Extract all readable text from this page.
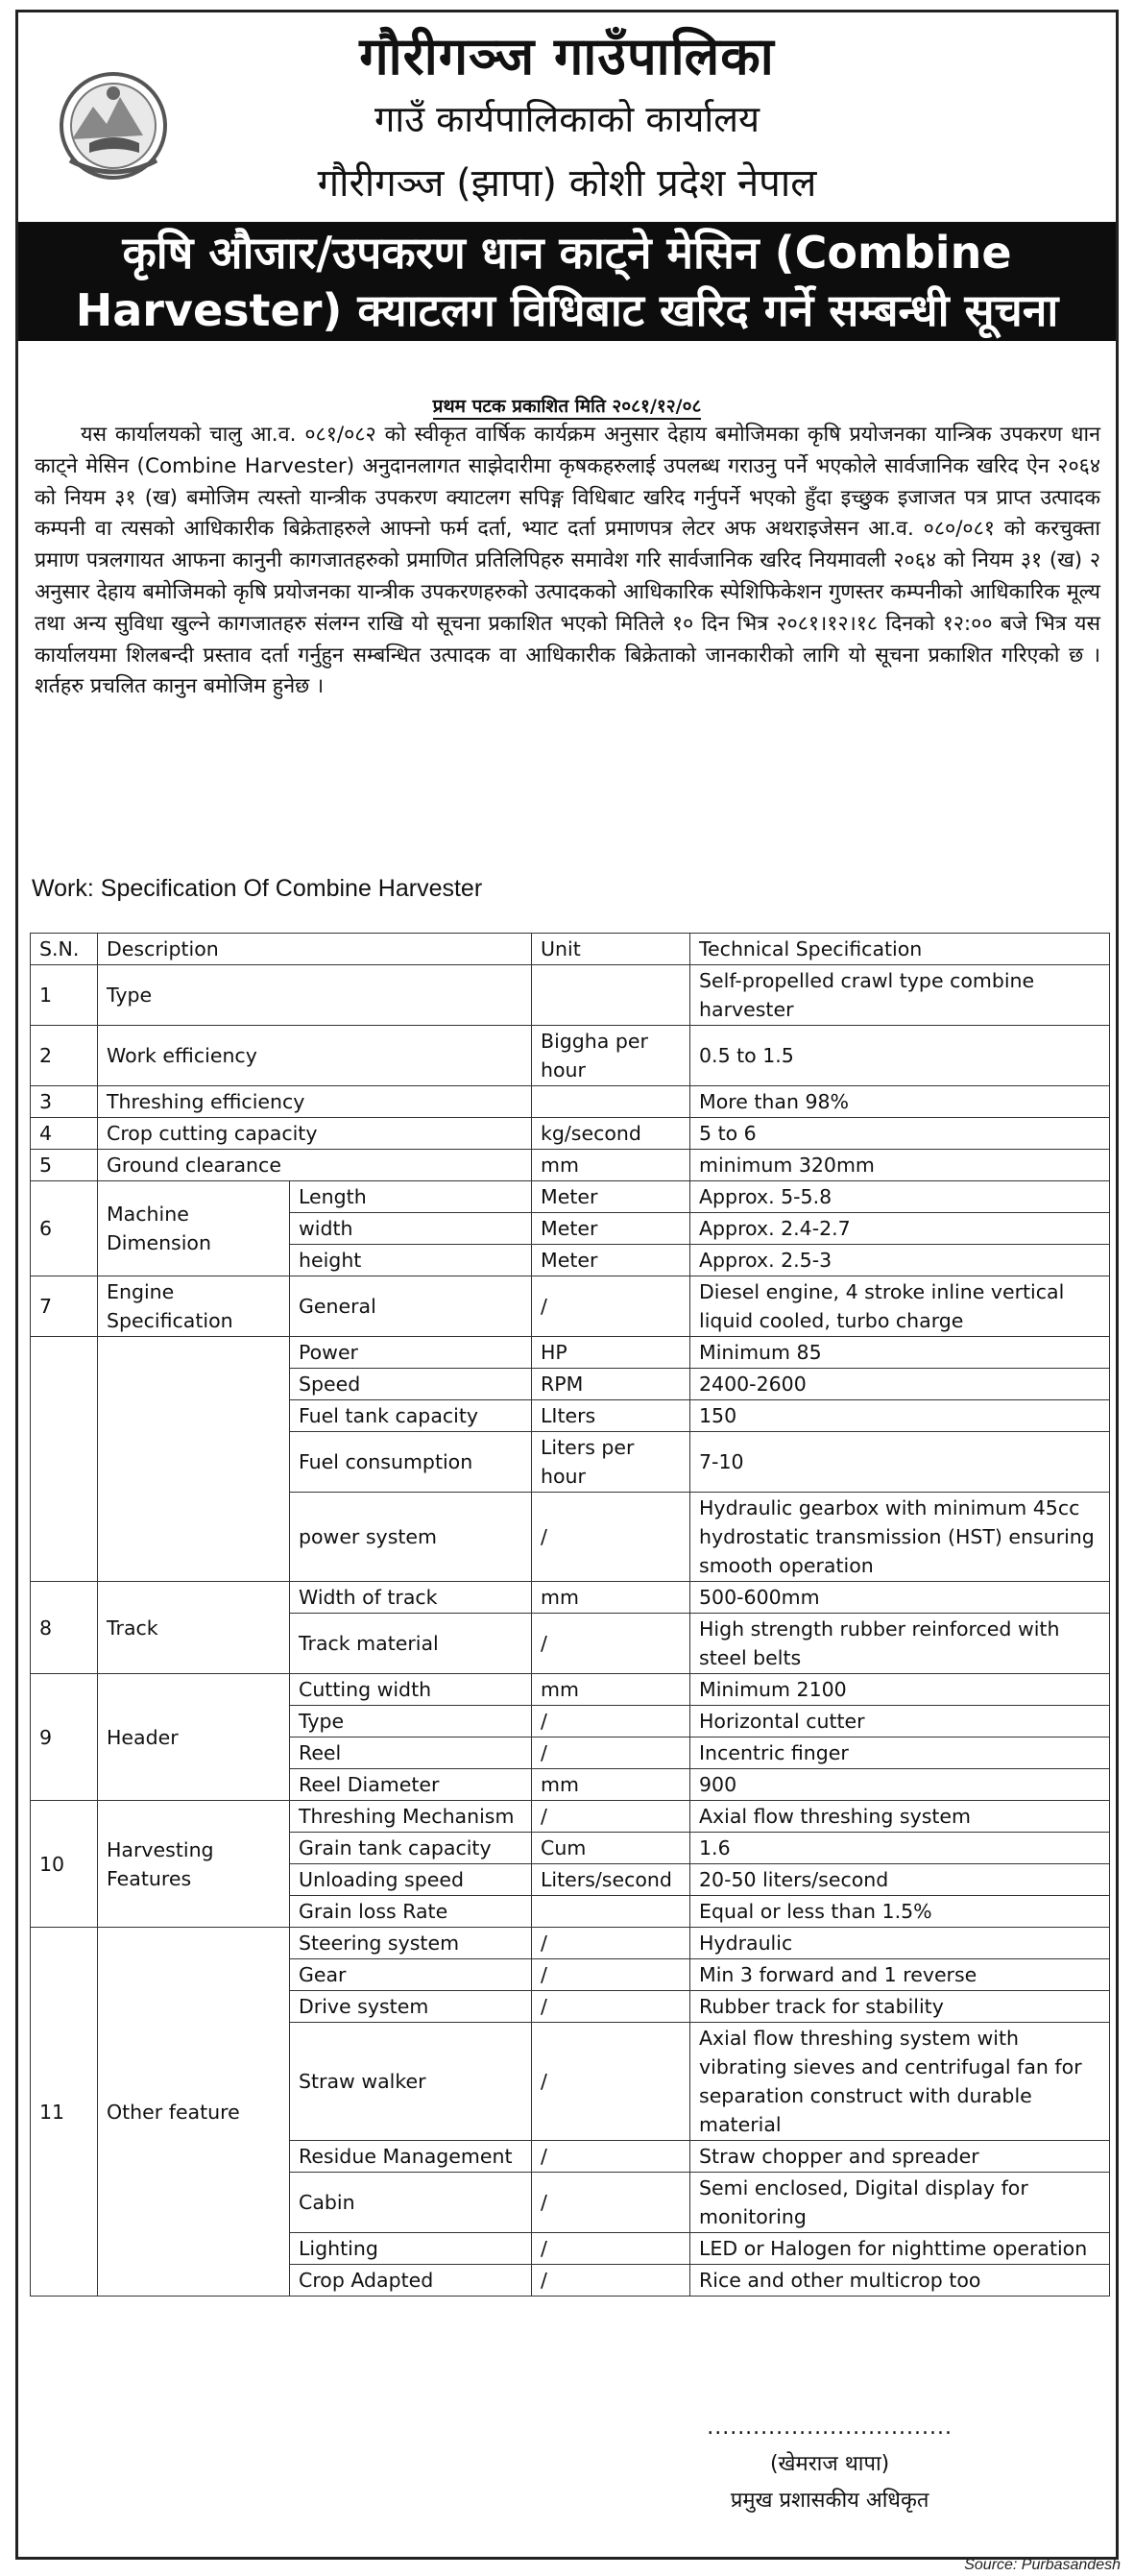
गौरीगञ्ज गाउँपालिका
गाउँ कार्यपालिकाको कार्यालय
गौरीगञ्ज (झापा) कोशी प्रदेश नेपाल
कृषि औजार/उपकरण धान काट्ने मेसिन (Combine
Harvester) क्याटलग विधिबाट खरिद गर्ने सम्बन्धी सूचना
प्रथम पटक प्रकाशित मिति २०८१/१२/०८
यस कार्यालयको चालु आ.व. ०८१/०८२ को स्वीकृत वार्षिक कार्यक्रम अनुसार देहाय बमोजिमका कृषि प्रयोजनका यान्त्रिक उपकरण धान काट्ने मेसिन (Combine Harvester) अनुदानलागत साझेदारीमा कृषकहरुलाई उपलब्ध गराउनु पर्ने भएकोले सार्वजानिक खरिद ऐन २०६४ को नियम ३१ (ख) बमोजिम त्यस्तो यान्त्रीक उपकरण क्याटलग सपिङ्ग विधिबाट खरिद गर्नुपर्ने भएको हुँदा इच्छुक इजाजत पत्र प्राप्त उत्पादक कम्पनी वा त्यसको आधिकारीक बिक्रेताहरुले आफ्नो फर्म दर्ता, भ्याट दर्ता प्रमाणपत्र लेटर अफ अथराइजेसन आ.व. ०८०/०८१ को करचुक्ता प्रमाण पत्रलगायत आफना कानुनी कागजातहरुको प्रमाणित प्रतिलिपिहरु समावेश गरि सार्वजानिक खरिद नियमावली २०६४ को नियम ३१ (ख) २ अनुसार देहाय बमोजिमको कृषि प्रयोजनका यान्त्रीक उपकरणहरुको उत्पादकको आधिकारिक स्पेशिफिकेशन गुणस्तर कम्पनीको आधिकारिक मूल्य तथा अन्य सुविधा खुल्ने कागजातहरु संलग्न राखि यो सूचना प्रकाशित भएको मितिले १० दिन भित्र २०८१।१२।१८ दिनको १२:०० बजे भित्र यस कार्यालयमा शिलबन्दी प्रस्ताव दर्ता गर्नुहुन सम्बन्धित उत्पादक वा आधिकारीक बिक्रेताको जानकारीको लागि यो सूचना प्रकाशित गरिएको छ । शर्तहरु प्रचलित कानुन बमोजिम हुनेछ ।
Work: Specification Of Combine Harvester
S.N.	Description		Unit	Technical Specification
1	Type			Self-propelled crawl type combine harvester
2	Work efficiency		Biggha per hour	0.5 to 1.5
3	Threshing efficiency			More than 98%
4	Crop cutting capacity		kg/second	5 to 6
5	Ground clearance		mm	minimum 320mm
6	Machine Dimension	Length	Meter	Approx. 5-5.8
		width	Meter	Approx. 2.4-2.7
		height	Meter	Approx. 2.5-3
7	Engine Specification	General	/	Diesel engine, 4 stroke inline vertical liquid cooled, turbo charge
		Power	HP	Minimum 85
		Speed	RPM	2400-2600
		Fuel tank capacity	LIters	150
		Fuel consumption	Liters per hour	7-10
		power system	/	Hydraulic gearbox with minimum 45cc hydrostatic transmission (HST) ensuring smooth operation
8	Track	Width of track	mm	500-600mm
		Track material	/	High strength rubber reinforced with steel belts
9	Header	Cutting width	mm	Minimum 2100
		Type	/	Horizontal cutter
		Reel	/	Incentric finger
		Reel Diameter	mm	900
10	Harvesting Features	Threshing Mechanism	/	Axial flow threshing system
		Grain tank capacity	Cum	1.6
		Unloading speed	Liters/second	20-50 liters/second
		Grain loss Rate		Equal or less than 1.5%
11	Other feature	Steering system	/	Hydraulic
		Gear	/	Min 3 forward and 1 reverse
		Drive system	/	Rubber track for stability
		Straw walker	/	Axial flow threshing system with vibrating sieves and centrifugal fan for separation construct with durable material
		Residue Management	/	Straw chopper and spreader
		Cabin	/	Semi enclosed, Digital display for monitoring
		Lighting	/	LED or Halogen for nighttime operation
		Crop Adapted	/	Rice and other multicrop too
................................
(खेमराज थापा)
प्रमुख प्रशासकीय अधिकृत
Source: Purbasandesh
